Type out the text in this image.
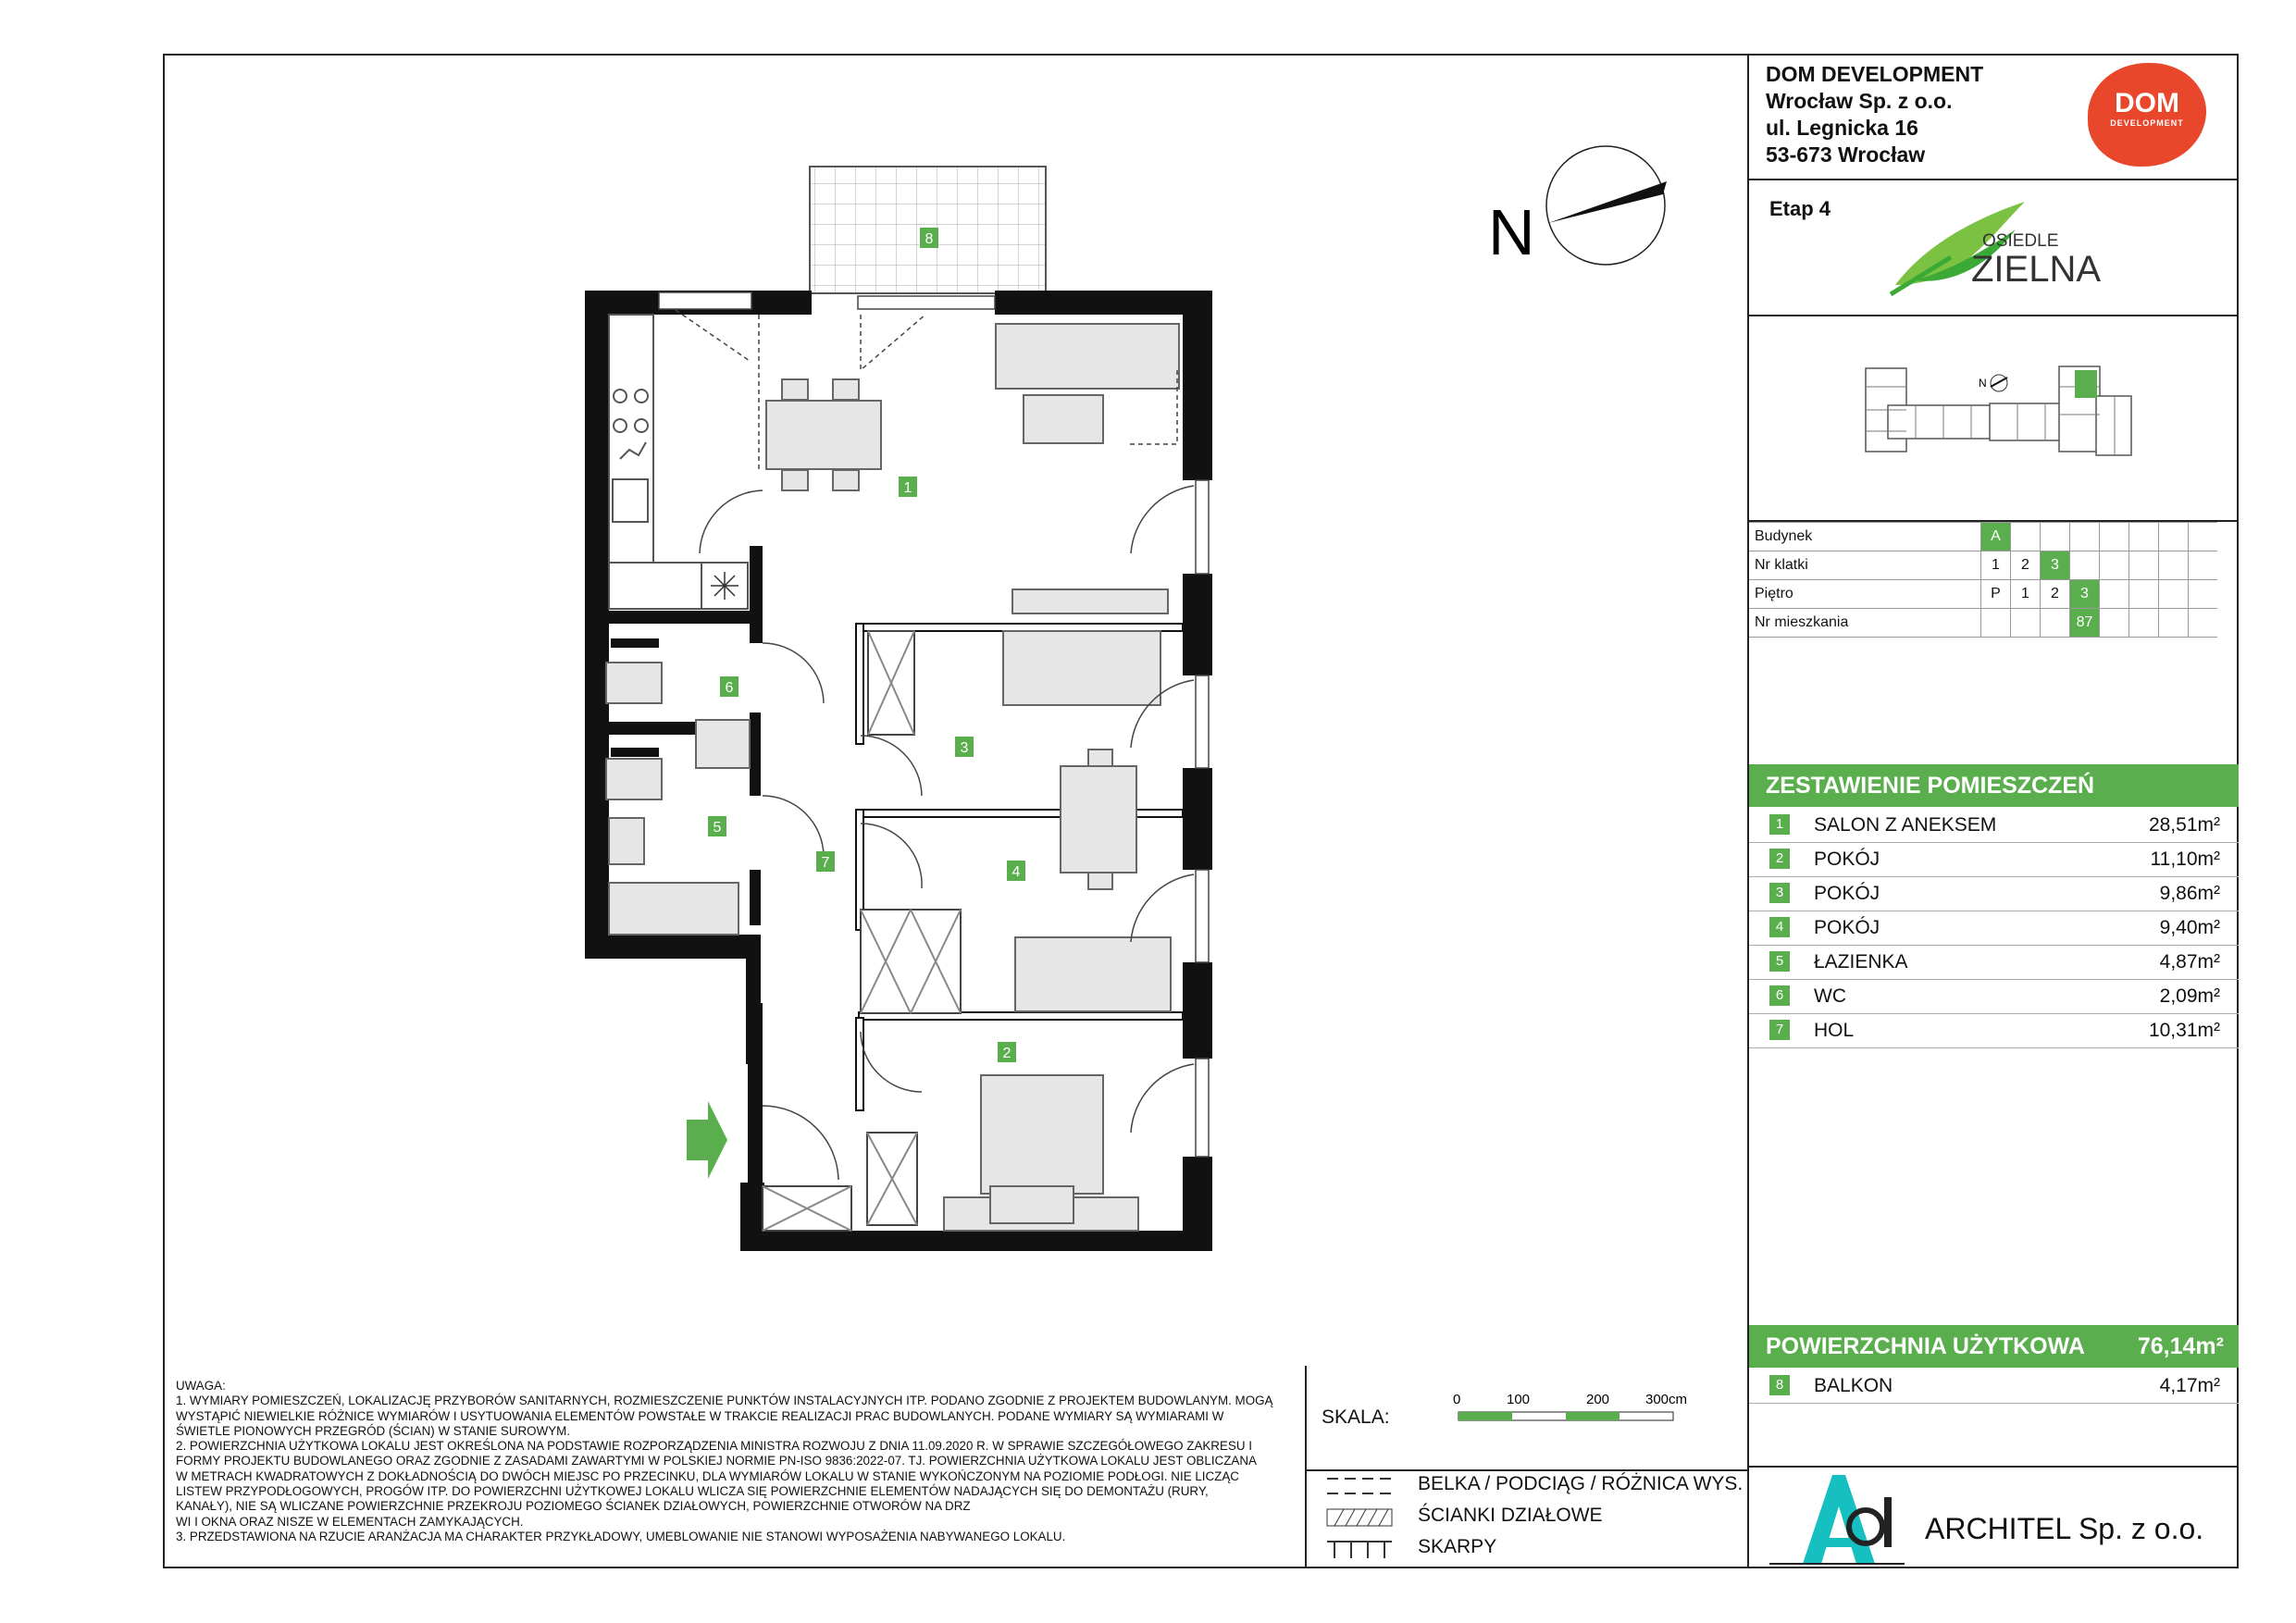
N
1
2
3
4
5
6
7
8
UWAGA:
1. WYMIARY POMIESZCZEŃ, LOKALIZACJĘ PRZYBORÓW SANITARNYCH, ROZMIESZCZENIE PUNKTÓW INSTALACYJNYCH ITP. PODANO ZGODNIE Z PROJEKTEM BUDOWLANYM. MOGĄ
WYSTĄPIĆ NIEWIELKIE RÓŻNICE WYMIARÓW I USYTUOWANIA ELEMENTÓW POWSTAŁE W TRAKCIE REALIZACJI PRAC BUDOWLANYCH. PODANE WYMIARY SĄ WYMIARAMI W
ŚWIETLE PIONOWYCH PRZEGRÓD (ŚCIAN) W STANIE SUROWYM.
2. POWIERZCHNIA UŻYTKOWA LOKALU JEST OKREŚLONA NA PODSTAWIE ROZPORZĄDZENIA MINISTRA ROZWOJU Z DNIA 11.09.2020 R. W SPRAWIE SZCZEGÓŁOWEGO ZAKRESU I
FORMY PROJEKTU BUDOWLANEGO ORAZ ZGODNIE Z ZASADAMI ZAWARTYMI W POLSKIEJ NORMIE PN-ISO 9836:2022-07. TJ. POWIERZCHNIA UŻYTKOWA LOKALU JEST OBLICZANA
W METRACH KWADRATOWYCH Z DOKŁADNOŚCIĄ DO DWÓCH MIEJSC PO PRZECINKU, DLA WYMIARÓW LOKALU W STANIE WYKOŃCZONYM NA POZIOMIE PODŁOGI. NIE LICZĄC
LISTEW PRZYPODŁOGOWYCH, PROGÓW ITP. DO POWIERZCHNI UŻYTKOWEJ LOKALU WLICZA SIĘ POWIERZCHNIE ELEMENTÓW NADAJĄCYCH SIĘ DO DEMONTAŻU (RURY,
KANAŁY), NIE SĄ WLICZANE POWIERZCHNIE PRZEKROJU POZIOMEGO ŚCIANEK DZIAŁOWYCH, POWIERZCHNIE OTWORÓW NA DRZ
WI I OKNA ORAZ NISZE W ELEMENTACH ZAMYKAJĄCYCH.
3. PRZEDSTAWIONA NA RZUCIE ARANŻACJA MA CHARAKTER PRZYKŁADOWY, UMEBLOWANIE NIE STANOWI WYPOSAŻENIA NABYWANEGO LOKALU.
SKALA:
0	100	200	300cm
BELKA / PODCIĄG / RÓŻNICA WYS.
ŚCIANKI DZIAŁOWE
SKARPY
DOM DEVELOPMENT
Wrocław Sp. z o.o.
ul. Legnicka 16
53-673 Wrocław
DOM
DEVELOPMENT
Etap 4
OSIEDLE
ZIELNA
N
Budynek	A							
Nr klatki	1	2	3					
Piętro	P	1	2	3				
Nr mieszkania				87				
ZESTAWIENIE POMIESZCZEŃ
1	SALON Z ANEKSEM	28,51m²
2	POKÓJ	11,10m²
3	POKÓJ	9,86m²
4	POKÓJ	9,40m²
5	ŁAZIENKA	4,87m²
6	WC	2,09m²
7	HOL	10,31m²
POWIERZCHNIA UŻYTKOWA 76,14m²
8	BALKON	4,17m²
ARCHITEL Sp. z o.o.
